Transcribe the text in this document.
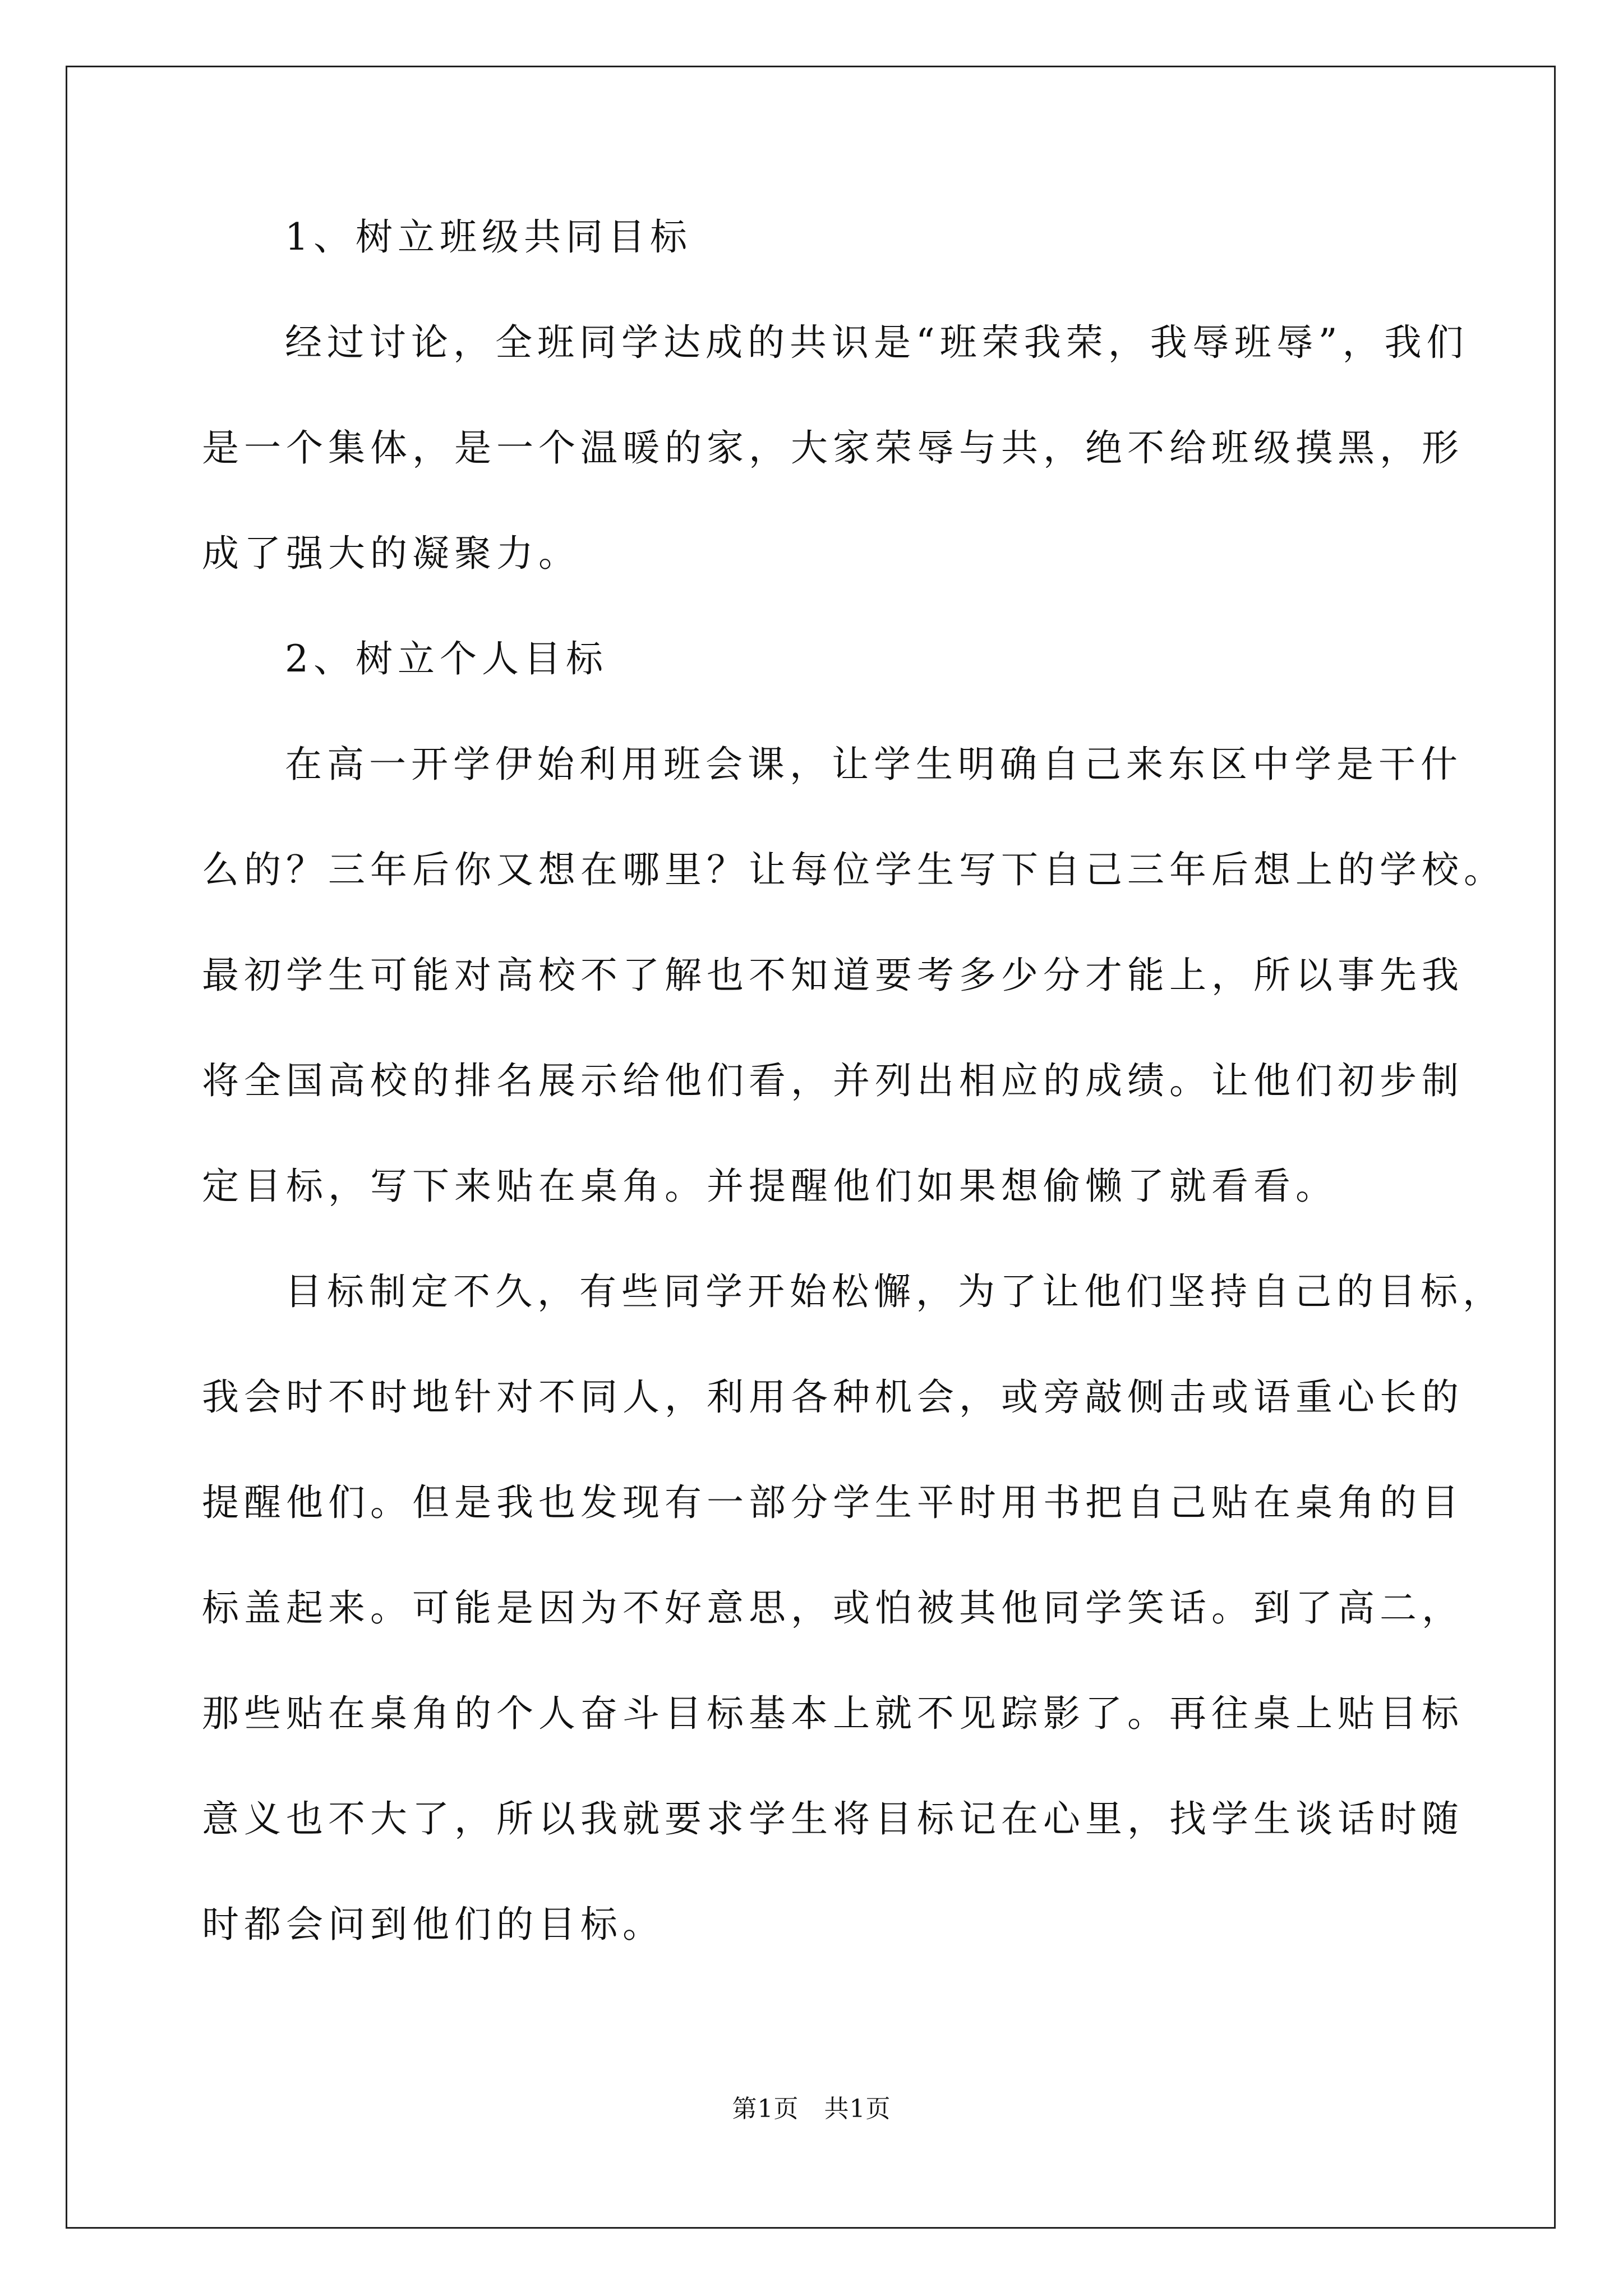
1、树立班级共同目标
经过讨论，全班同学达成的共识是“班荣我荣，我辱班辱”，我们
是一个集体，是一个温暖的家，大家荣辱与共，绝不给班级摸黑，形
成了强大的凝聚力。
2、树立个人目标
在高一开学伊始利用班会课，让学生明确自己来东区中学是干什
么的？三年后你又想在哪里？让每位学生写下自己三年后想上的学校。
最初学生可能对高校不了解也不知道要考多少分才能上，所以事先我
将全国高校的排名展示给他们看，并列出相应的成绩。让他们初步制
定目标，写下来贴在桌角。并提醒他们如果想偷懒了就看看。
目标制定不久，有些同学开始松懈，为了让他们坚持自己的目标，
我会时不时地针对不同人，利用各种机会，或旁敲侧击或语重心长的
提醒他们。但是我也发现有一部分学生平时用书把自己贴在桌角的目
标盖起来。可能是因为不好意思，或怕被其他同学笑话。到了高二，
那些贴在桌角的个人奋斗目标基本上就不见踪影了。再往桌上贴目标
意义也不大了，所以我就要求学生将目标记在心里，找学生谈话时随
时都会问到他们的目标。
第1页   共1页
